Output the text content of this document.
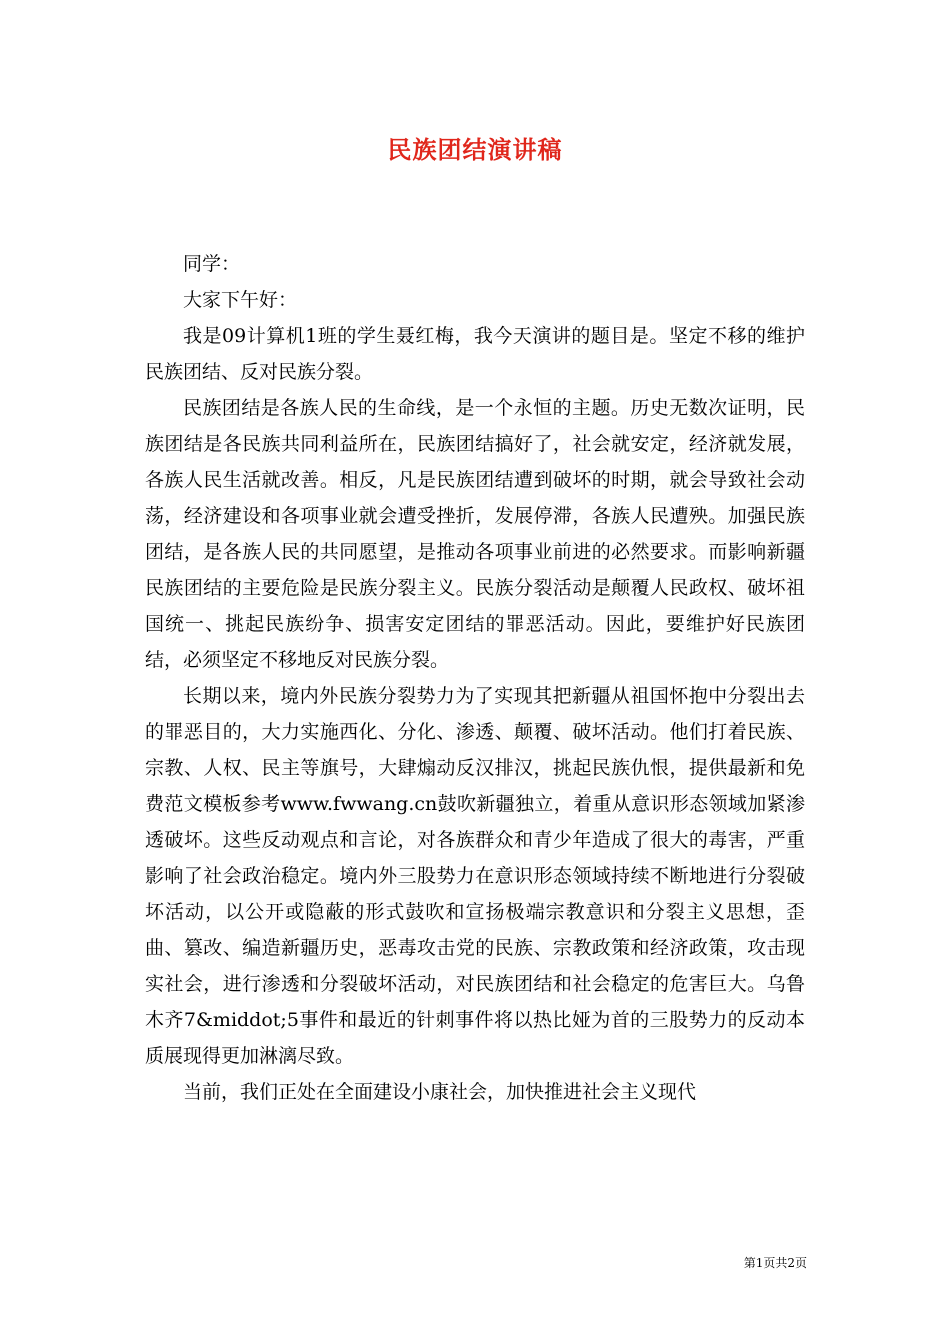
民族团结演讲稿

同学：

大家下午好：

我是09计算机1班的学生聂红梅，我今天演讲的题目是。坚定不移的维护民族团结、反对民族分裂。

民族团结是各族人民的生命线，是一个永恒的主题。历史无数次证明，民族团结是各民族共同利益所在，民族团结搞好了，社会就安定，经济就发展，各族人民生活就改善。相反，凡是民族团结遭到破坏的时期，就会导致社会动荡，经济建设和各项事业就会遭受挫折，发展停滞，各族人民遭殃。加强民族团结，是各族人民的共同愿望，是推动各项事业前进的必然要求。而影响新疆民族团结的主要危险是民族分裂主义。民族分裂活动是颠覆人民政权、破坏祖国统一、挑起民族纷争、损害安定团结的罪恶活动。因此，要维护好民族团结，必须坚定不移地反对民族分裂。

长期以来，境内外民族分裂势力为了实现其把新疆从祖国怀抱中分裂出去的罪恶目的，大力实施西化、分化、渗透、颠覆、破坏活动。他们打着民族、宗教、人权、民主等旗号，大肆煽动反汉排汉，挑起民族仇恨，提供最新和免费范文模板参考www.fwwang.cn鼓吹新疆独立，着重从意识形态领域加紧渗透破坏。这些反动观点和言论，对各族群众和青少年造成了很大的毒害，严重影响了社会政治稳定。境内外三股势力在意识形态领域持续不断地进行分裂破坏活动，以公开或隐蔽的形式鼓吹和宣扬极端宗教意识和分裂主义思想，歪曲、篡改、编造新疆历史，恶毒攻击党的民族、宗教政策和经济政策，攻击现实社会，进行渗透和分裂破坏活动，对民族团结和社会稳定的危害巨大。乌鲁木齐7&middot;5事件和最近的针刺事件将以热比娅为首的三股势力的反动本质展现得更加淋漓尽致。

当前，我们正处在全面建设小康社会，加快推进社会主义现代

第1页共2页
